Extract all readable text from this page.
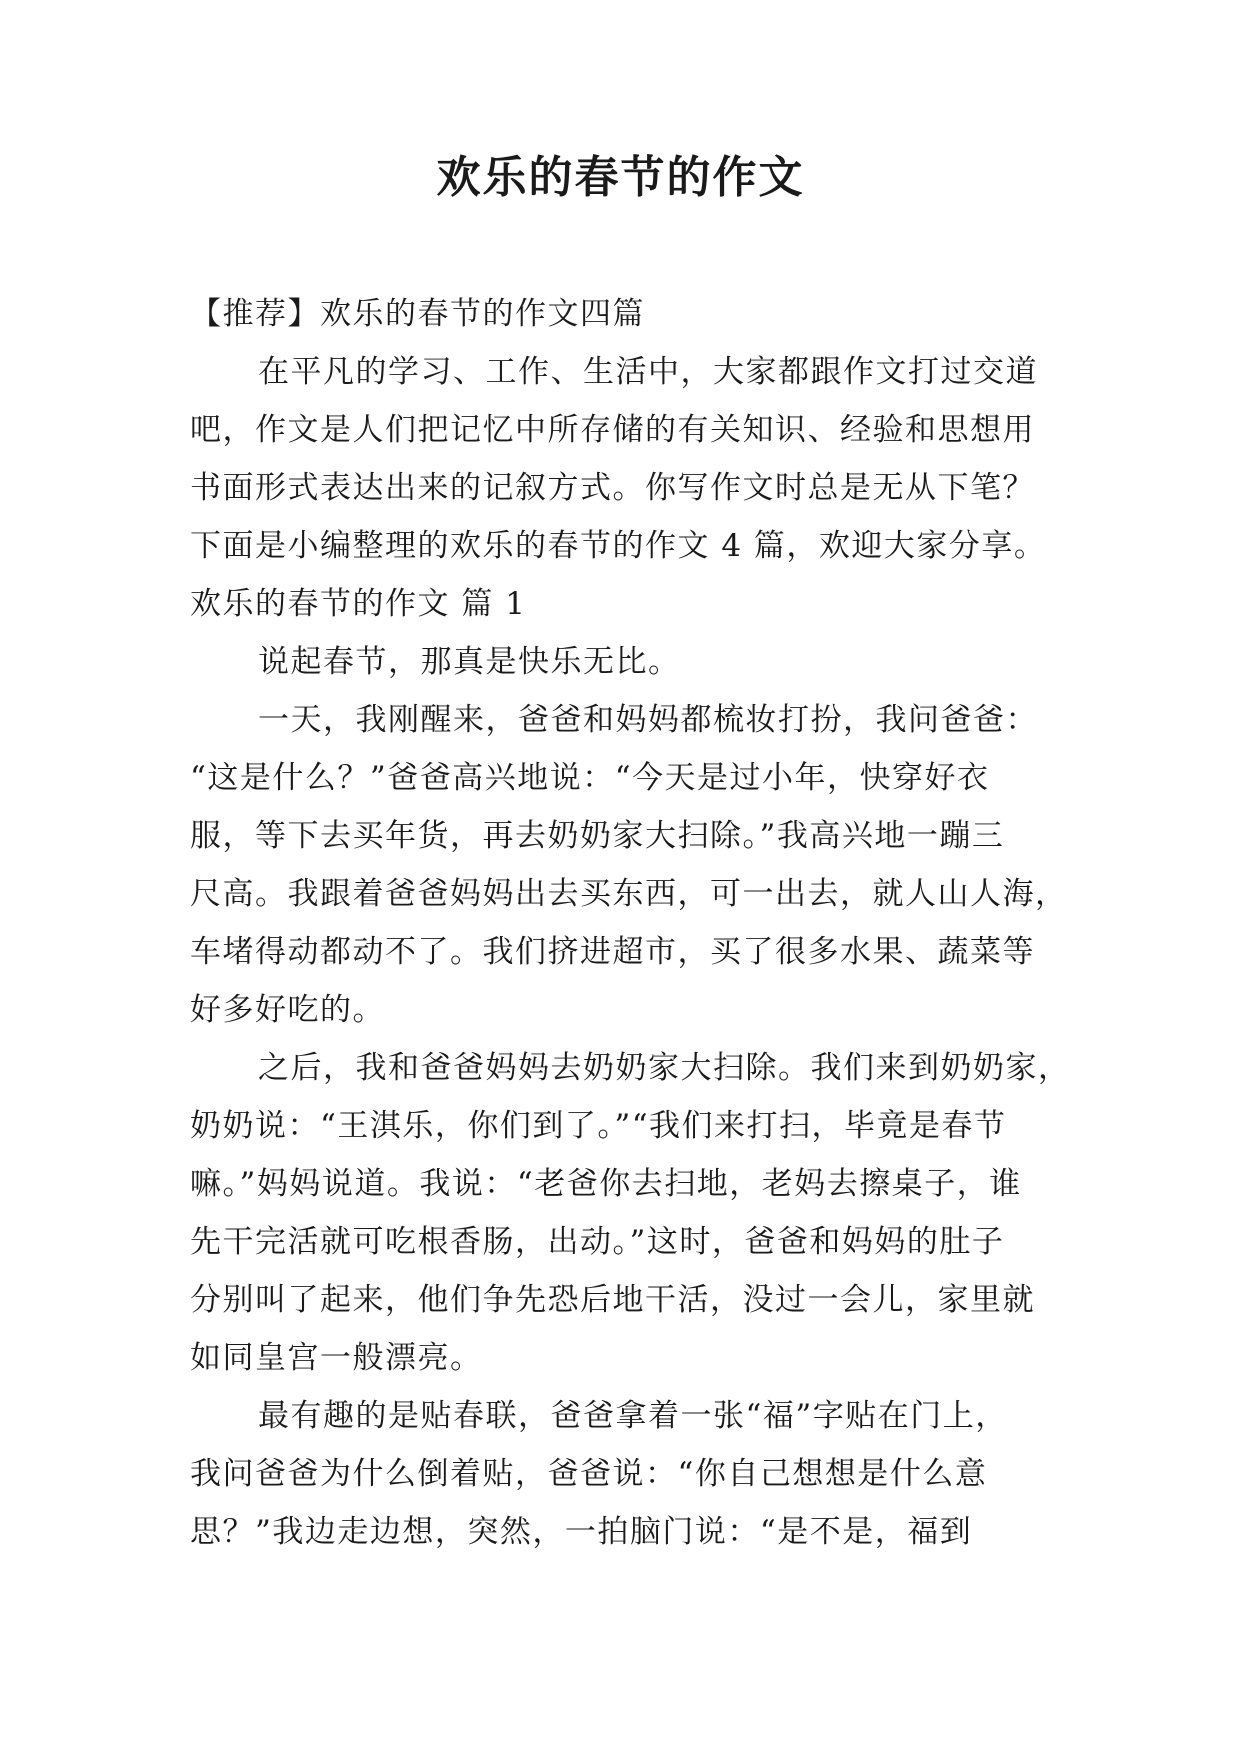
欢乐的春节的作文
【推荐】欢乐的春节的作文四篇
在平凡的学习、工作、生活中，大家都跟作文打过交道
吧，作文是人们把记忆中所存储的有关知识、经验和思想用
书面形式表达出来的记叙方式。你写作文时总是无从下笔？
下面是小编整理的欢乐的春节的作文 4 篇，欢迎大家分享。
欢乐的春节的作文 篇 1
说起春节，那真是快乐无比。
一天，我刚醒来，爸爸和妈妈都梳妆打扮，我问爸爸：
“这是什么？”爸爸高兴地说：“今天是过小年，快穿好衣
服，等下去买年货，再去奶奶家大扫除。”我高兴地一蹦三
尺高。我跟着爸爸妈妈出去买东西，可一出去，就人山人海，
车堵得动都动不了。我们挤进超市，买了很多水果、蔬菜等
好多好吃的。
之后，我和爸爸妈妈去奶奶家大扫除。我们来到奶奶家，
奶奶说：“王淇乐，你们到了。”“我们来打扫，毕竟是春节
嘛。”妈妈说道。我说：“老爸你去扫地，老妈去擦桌子，谁
先干完活就可吃根香肠，出动。”这时，爸爸和妈妈的肚子
分别叫了起来，他们争先恐后地干活，没过一会儿，家里就
如同皇宫一般漂亮。
最有趣的是贴春联，爸爸拿着一张“福”字贴在门上，
我问爸爸为什么倒着贴，爸爸说：“你自己想想是什么意
思？”我边走边想，突然，一拍脑门说：“是不是，福到
